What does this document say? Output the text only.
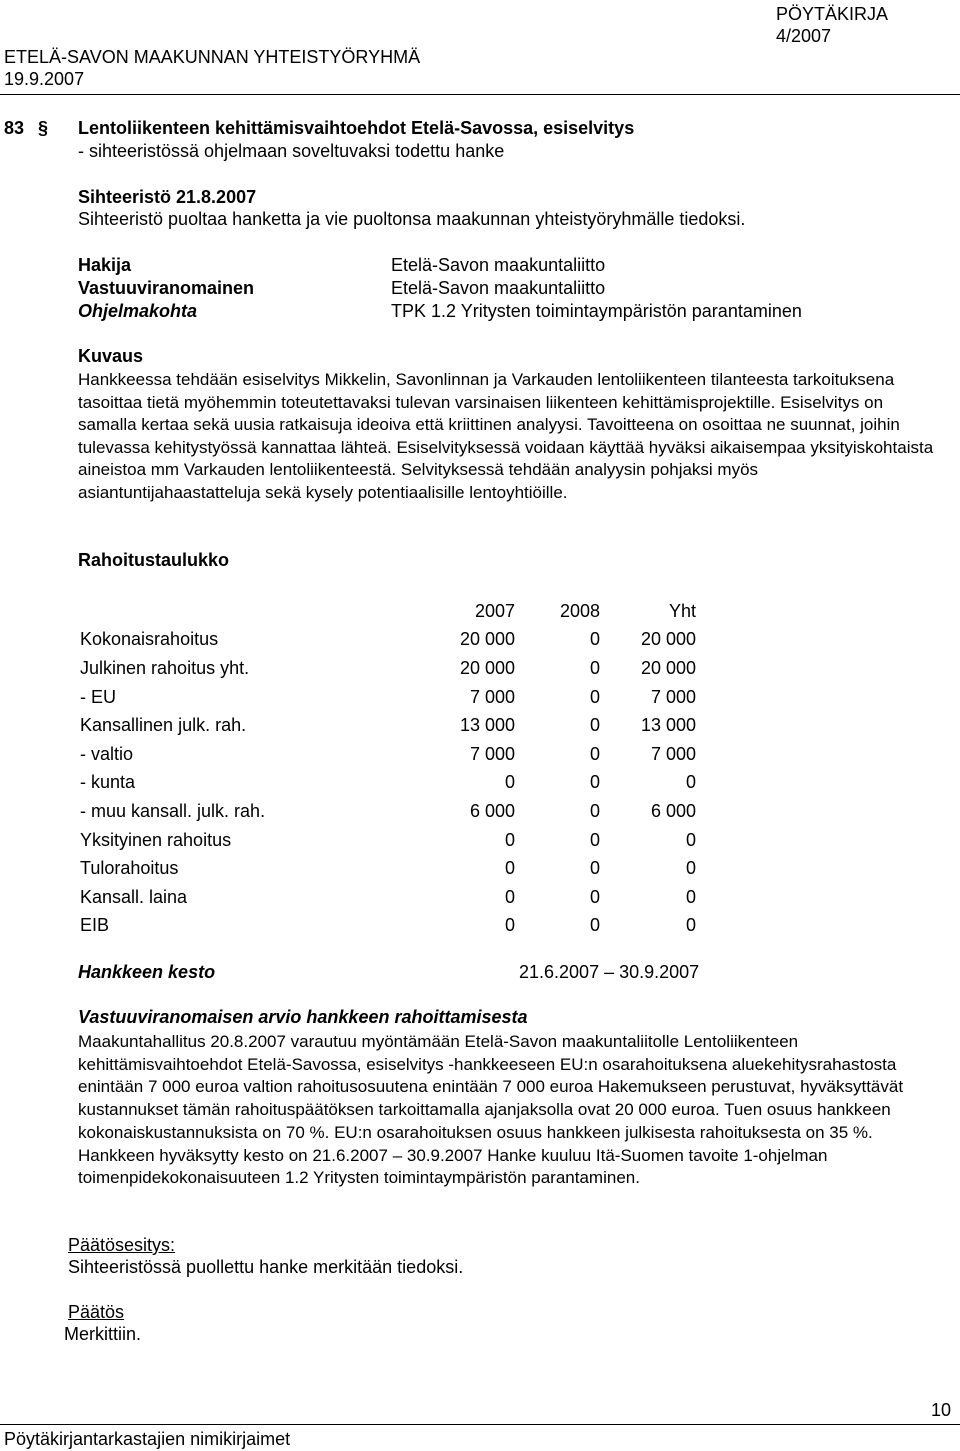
PÖYTÄKIRJA
4/2007
ETELÄ-SAVON MAAKUNNAN YHTEISTYÖRYHMÄ
19.9.2007
83 § Lentoliikenteen kehittämisvaihtoehdot Etelä-Savossa, esiselvitys
- sihteeristössä ohjelmaan soveltuvaksi todettu hanke
Sihteeristö 21.8.2007
Sihteeristö puoltaa hanketta ja vie puoltonsa maakunnan yhteistyöryhmälle tiedoksi.
Hakija	Etelä-Savon maakuntaliitto
Vastuuviranomainen	Etelä-Savon maakuntaliitto
Ohjelmakohta	TPK 1.2 Yritysten toimintaympäristön parantaminen
Kuvaus

Hankkeessa tehdään esiselvitys Mikkelin, Savonlinnan ja Varkauden lentoliikenteen tilanteesta tarkoituksena tasoittaa tietä myöhemmin toteutettavaksi tulevan varsinaisen liikenteen kehittämisprojektille. Esiselvitys on samalla kertaa sekä uusia ratkaisuja ideoiva että kriittinen analyysi. Tavoitteena on osoittaa ne suunnat, joihin tulevassa kehitystyössä kannattaa lähteä. Esiselvityksessä voidaan käyttää hyväksi aikaisempaa yksityiskohtaista aineistoa mm Varkauden lentoliikenteestä. Selvityksessä tehdään analyysin pohjaksi myös asiantuntijahaastatteluja sekä kysely potentiaalisille lentoyhtiöille.

Rahoitustaulukko
	2007	2008	Yht
Kokonaisrahoitus	20 000	0	20 000
Julkinen rahoitus yht.	20 000	0	20 000
- EU	7 000	0	7 000
Kansallinen julk. rah.	13 000	0	13 000
- valtio	7 000	0	7 000
- kunta	0	0	0
- muu kansall. julk. rah.	6 000	0	6 000
Yksityinen rahoitus	0	0	0
Tulorahoitus	0	0	0
Kansall. laina	0	0	0
EIB	0	0	0
Hankkeen kesto	21.6.2007 – 30.9.2007
Vastuuviranomaisen arvio hankkeen rahoittamisesta
Maakuntahallitus 20.8.2007 varautuu myöntämään Etelä-Savon maakuntaliitolle Lentoliikenteen kehittämisvaihtoehdot Etelä-Savossa, esiselvitys -hankkeeseen EU:n osarahoituksena aluekehitysrahastosta enintään 7 000 euroa valtion rahoitusosuutena enintään 7 000 euroa Hakemukseen perustuvat, hyväksyttävät kustannukset tämän rahoituspäätöksen tarkoittamalla ajanjaksolla ovat 20 000 euroa. Tuen osuus hankkeen kokonaiskustannuksista on 70 %. EU:n osarahoituksen osuus hankkeen julkisesta rahoituksesta on 35 %. Hankkeen hyväksytty kesto on 21.6.2007 – 30.9.2007 Hanke kuuluu Itä-Suomen tavoite 1-ohjelman toimenpidekokonaisuuteen 1.2 Yritysten toimintaympäristön parantaminen.
Päätösesitys:
Sihteeristössä puollettu hanke merkitään tiedoksi.
Päätös
Merkittiin.
10
Pöytäkirjantarkastajien nimikirjaimet
